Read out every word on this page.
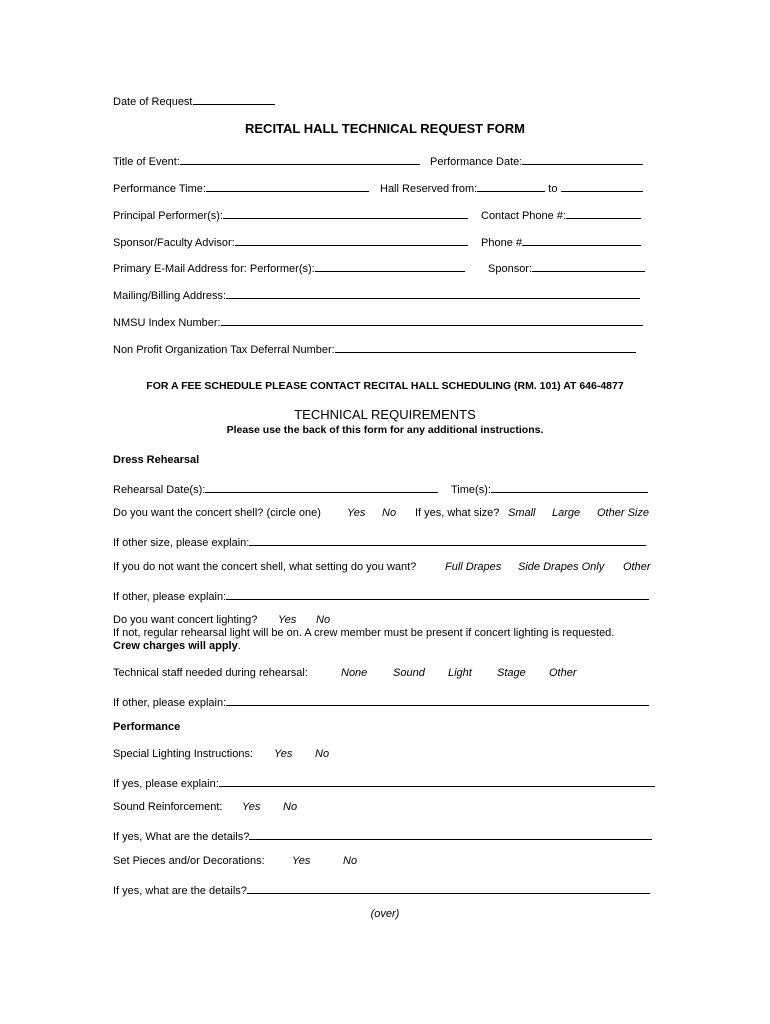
Date of Request
RECITAL HALL TECHNICAL REQUEST FORM
Title of Event:	Performance Date:
Performance Time:	Hall Reserved from:	to
Principal Performer(s):	Contact Phone #:
Sponsor/Faculty Advisor:	Phone #
Primary E-Mail Address for: Performer(s):	Sponsor:
Mailing/Billing Address:
NMSU Index Number:
Non Profit Organization Tax Deferral Number:
FOR A FEE SCHEDULE PLEASE CONTACT RECITAL HALL SCHEDULING (RM. 101) AT 646-4877
TECHNICAL REQUIREMENTS
Please use the back of this form for any additional instructions.
Dress Rehearsal
Rehearsal Date(s):	Time(s):
Do you want the concert shell? (circle one) Yes No If yes, what size? Small Large Other Size
If other size, please explain:
If you do not want the concert shell, what setting do you want?	Full Drapes Side Drapes Only Other
If other, please explain:
Do you want concert lighting? Yes No
If not, regular rehearsal light will be on. A crew member must be present if concert lighting is requested.
Crew charges will apply.
Technical staff needed during rehearsal:	None Sound Light Stage Other
If other, please explain:
Performance
Special Lighting Instructions: Yes No
If yes, please explain:
Sound Reinforcement: Yes No
If yes, What are the details?
Set Pieces and/or Decorations: Yes	No
If yes, what are the details?
(over)
